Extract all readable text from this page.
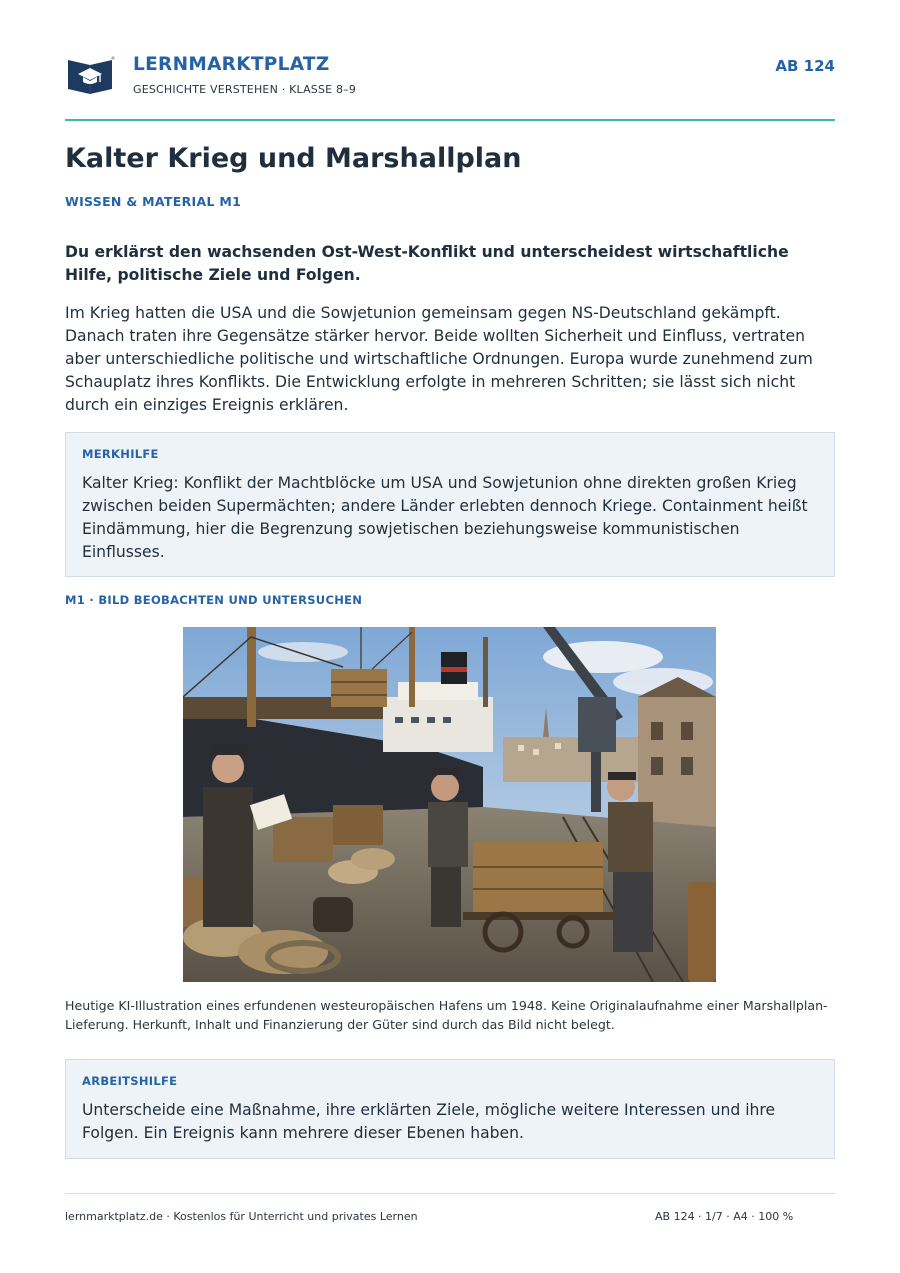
LERNMARKTPLATZ
GESCHICHTE VERSTEHEN · KLASSE 8–9
AB 124
Kalter Krieg und Marshallplan
WISSEN & MATERIAL M1

Du erklärst den wachsenden Ost-West-Konflikt und unterscheidest wirtschaftliche Hilfe, politische Ziele und Folgen.

Im Krieg hatten die USA und die Sowjetunion gemeinsam gegen NS-Deutschland gekämpft. Danach traten ihre Gegensätze stärker hervor. Beide wollten Sicherheit und Einfluss, vertraten aber unterschiedliche politische und wirtschaftliche Ordnungen. Europa wurde zunehmend zum Schauplatz ihres Konflikts. Die Entwicklung erfolgte in mehreren Schritten; sie lässt sich nicht durch ein einziges Ereignis erklären.

MERKHILFE

Kalter Krieg: Konflikt der Machtblöcke um USA und Sowjetunion ohne direkten großen Krieg zwischen beiden Supermächten; andere Länder erlebten dennoch Kriege. Containment heißt Eindämmung, hier die Begrenzung sowjetischen beziehungsweise kommunistischen Einflusses.

M1 · BILD BEOBACHTEN UND UNTERSUCHEN

Heutige KI-Illustration eines erfundenen westeuropäischen Hafens um 1948. Keine Originalaufnahme einer Marshallplan-Lieferung. Herkunft, Inhalt und Finanzierung der Güter sind durch das Bild nicht belegt.

ARBEITSHILFE

Unterscheide eine Maßnahme, ihre erklärten Ziele, mögliche weitere Interessen und ihre Folgen. Ein Ereignis kann mehrere dieser Ebenen haben.

lernmarktplatz.de · Kostenlos für Unterricht und privates Lernen	AB 124 · 1/7 · A4 · 100 %
